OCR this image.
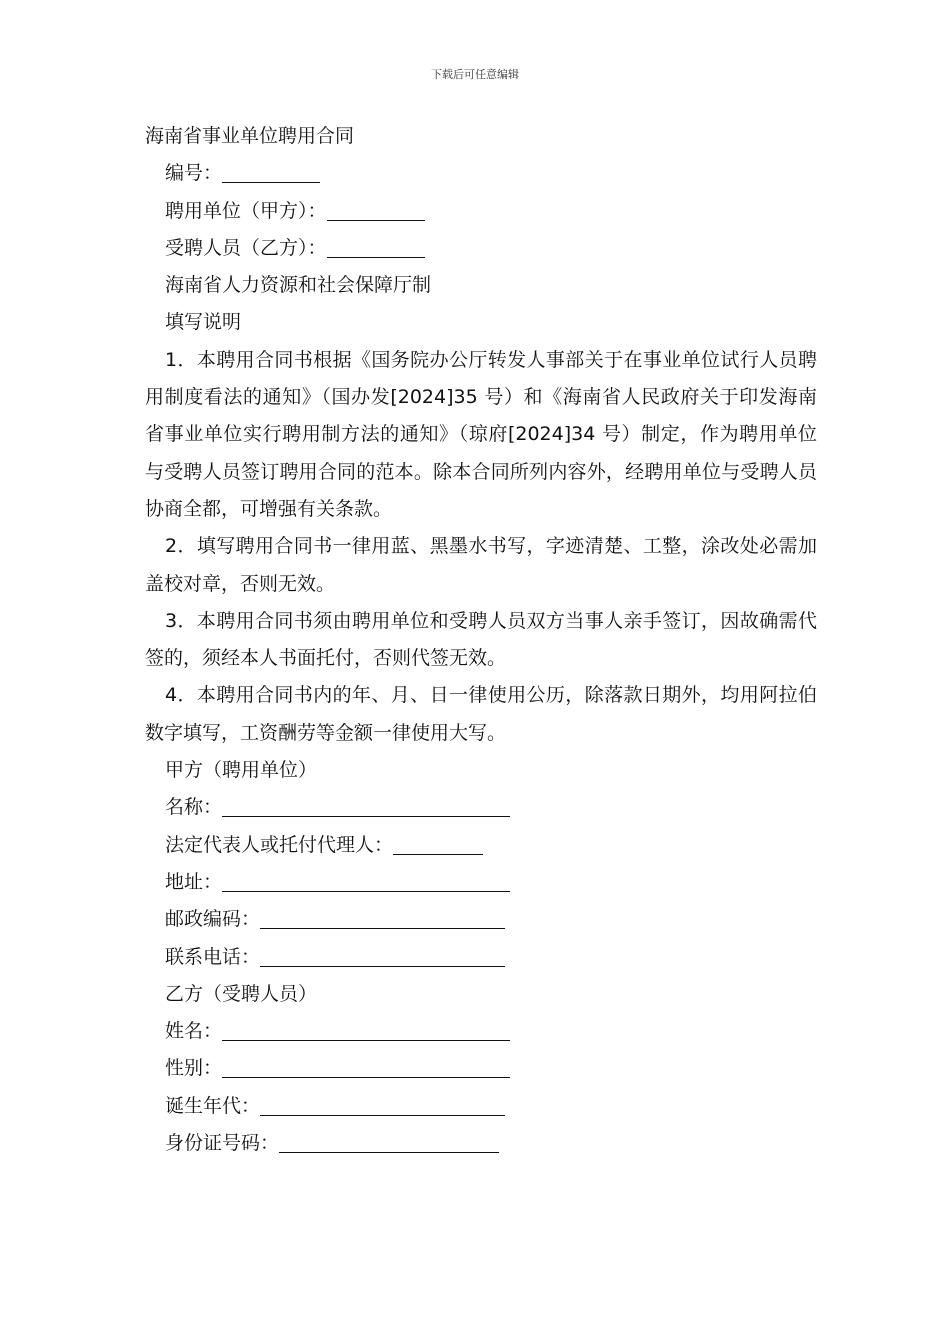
下载后可任意编辑
海南省事业单位聘用合同
编号：
聘用单位（甲方）：
受聘人员（乙方）：
海南省人力资源和社会保障厅制
填写说明
1．本聘用合同书根据《国务院办公厅转发人事部关于在事业单位试行人员聘用制度看法的通知》（国办发[2024]35 号）和《海南省人民政府关于印发海南省事业单位实行聘用制方法的通知》（琼府[2024]34 号）制定，作为聘用单位与受聘人员签订聘用合同的范本。除本合同所列内容外，经聘用单位与受聘人员协商全都，可增强有关条款。
2．填写聘用合同书一律用蓝、黑墨水书写，字迹清楚、工整，涂改处必需加盖校对章，否则无效。
3．本聘用合同书须由聘用单位和受聘人员双方当事人亲手签订，因故确需代签的，须经本人书面托付，否则代签无效。
4．本聘用合同书内的年、月、日一律使用公历，除落款日期外，均用阿拉伯数字填写，工资酬劳等金额一律使用大写。
甲方（聘用单位）
名称：
法定代表人或托付代理人：
地址：
邮政编码：
联系电话：
乙方（受聘人员）
姓名：
性别：
诞生年代：
身份证号码：
